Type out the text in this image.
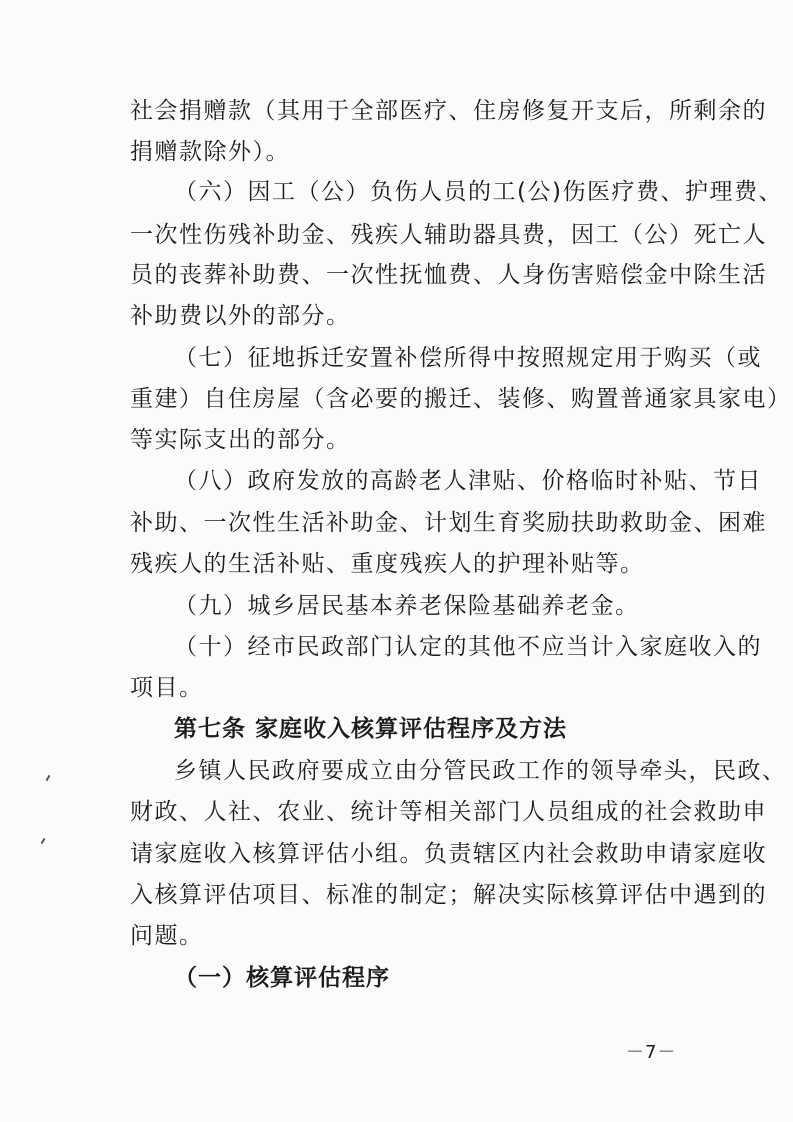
社会捐赠款（其用于全部医疗、住房修复开支后，所剩余的
捐赠款除外）。
（六）因工（公）负伤人员的工(公)伤医疗费、护理费、
一次性伤残补助金、残疾人辅助器具费，因工（公）死亡人
员的丧葬补助费、一次性抚恤费、人身伤害赔偿金中除生活
补助费以外的部分。
（七）征地拆迁安置补偿所得中按照规定用于购买（或
重建）自住房屋（含必要的搬迁、装修、购置普通家具家电）
等实际支出的部分。
（八）政府发放的高龄老人津贴、价格临时补贴、节日
补助、一次性生活补助金、计划生育奖励扶助救助金、困难
残疾人的生活补贴、重度残疾人的护理补贴等。
（九）城乡居民基本养老保险基础养老金。
（十）经市民政部门认定的其他不应当计入家庭收入的
项目。
第七条 家庭收入核算评估程序及方法
乡镇人民政府要成立由分管民政工作的领导牵头，民政、
财政、人社、农业、统计等相关部门人员组成的社会救助申
请家庭收入核算评估小组。负责辖区内社会救助申请家庭收
入核算评估项目、标准的制定；解决实际核算评估中遇到的
问题。
（一）核算评估程序
－7－
